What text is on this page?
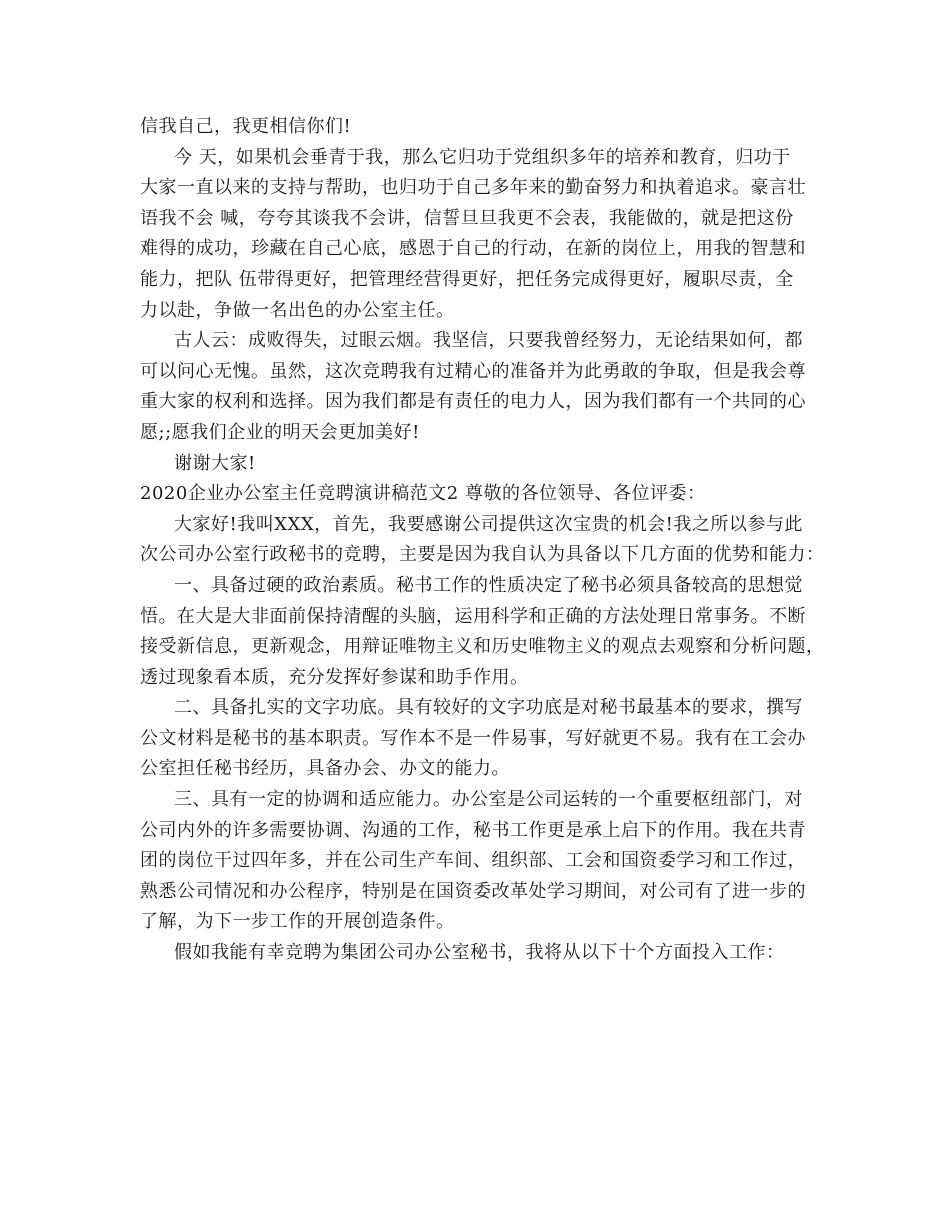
信我自己，我更相信你们!
今 天，如果机会垂青于我，那么它归功于党组织多年的培养和教育，归功于
大家一直以来的支持与帮助，也归功于自己多年来的勤奋努力和执着追求。豪言壮
语我不会 喊，夸夸其谈我不会讲，信誓旦旦我更不会表，我能做的，就是把这份
难得的成功，珍藏在自己心底，感恩于自己的行动，在新的岗位上，用我的智慧和
能力，把队 伍带得更好，把管理经营得更好，把任务完成得更好，履职尽责，全
力以赴，争做一名出色的办公室主任。
古人云：成败得失，过眼云烟。我坚信，只要我曾经努力，无论结果如何，都
可以问心无愧。虽然，这次竞聘我有过精心的准备并为此勇敢的争取，但是我会尊
重大家的权利和选择。因为我们都是有责任的电力人，因为我们都有一个共同的心
愿;;愿我们企业的明天会更加美好!
谢谢大家!
2020企业办公室主任竞聘演讲稿范文2 尊敬的各位领导、各位评委：
大家好!我叫XXX，首先，我要感谢公司提供这次宝贵的机会!我之所以参与此
次公司办公室行政秘书的竞聘，主要是因为我自认为具备以下几方面的优势和能力：
一、具备过硬的政治素质。秘书工作的性质决定了秘书必须具备较高的思想觉
悟。在大是大非面前保持清醒的头脑，运用科学和正确的方法处理日常事务。不断
接受新信息，更新观念，用辩证唯物主义和历史唯物主义的观点去观察和分析问题，
透过现象看本质，充分发挥好参谋和助手作用。
二、具备扎实的文字功底。具有较好的文字功底是对秘书最基本的要求，撰写
公文材料是秘书的基本职责。写作本不是一件易事，写好就更不易。我有在工会办
公室担任秘书经历，具备办会、办文的能力。
三、具有一定的协调和适应能力。办公室是公司运转的一个重要枢纽部门，对
公司内外的许多需要协调、沟通的工作，秘书工作更是承上启下的作用。我在共青
团的岗位干过四年多，并在公司生产车间、组织部、工会和国资委学习和工作过，
熟悉公司情况和办公程序，特别是在国资委改革处学习期间，对公司有了进一步的
了解，为下一步工作的开展创造条件。
假如我能有幸竞聘为集团公司办公室秘书，我将从以下十个方面投入工作：
